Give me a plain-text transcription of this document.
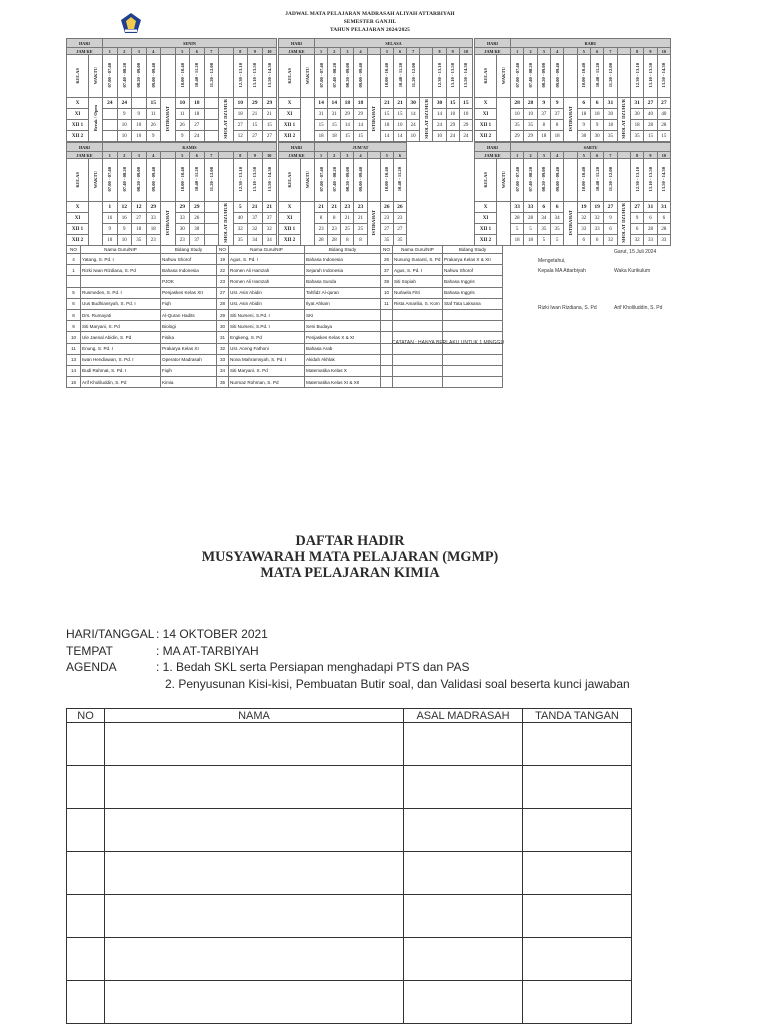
JADWAL MATA PELAJARAN MADRASAH ALIYAH ATTARBIYAH
SEMESTER GANJIL
TAHUN PELAJARAN 2024/2025
HARI		SENIN											
JAM KE		1	2	3	4		5	6	7		8	9	10
KELAS	WAKTU	07.00 - 07.40	07.40 - 08.20	08.20 - 09.00	09.00 - 09.40		10.00 - 10.40	10.40 - 11.20	11.20 - 12.00		12.30 - 13.10	13.10 - 13.50	13.50 - 14.30
X	Break / Open	24	24		15	ISTIRAHAT	10	18		SHOLAT DZUHUR	10	29	29
XI			9	9	11		11	18			18	21	21
XII 1			10	10	26		26	27			27	15	15
XII 2			10	10	9		9	24			12	27	27
HARI		SELASA											
JAM KE		1	2	3	4		5	6	7		8	9	10
KELAS	WAKTU	07.00 - 07.40	07.40 - 08.20	08.20 - 09.00	09.00 - 09.40		10.00 - 10.40	10.40 - 11.20	11.20 - 12.00		12.30 - 13.10	13.10 - 13.50	13.50 - 14.30
X		14	14	18	18	ISTIRAHAT	21	21	30	SHOLAT DZUHUR	30	15	15
XI		31	31	29	29		15	15	14		14	10	10
XII 1		15	15	14	14		18	10	24		24	29	29
XII 2		18	18	15	15		14	14	10		10	24	24
HARI		RABU											
JAM KE		1	2	3	4		5	6	7		8	9	10
KELAS	WAKTU	07.00 - 07.40	07.40 - 08.20	08.20 - 09.00	09.00 - 09.40		10.00 - 10.40	10.40 - 11.20	11.20 - 12.00		12.30 - 13.10	13.10 - 13.50	13.50 - 14.30
X		28	28	9	9	ISTIRAHAT	6	6	31	SHOLAT DZUHUR	31	27	27
XI		10	10	37	37		18	18	30		30	40	40
XII 1		35	35	8	8		9	9	18		18	28	28
XII 2		29	29	18	18		30	30	35		35	15	15
HARI		KAMIS											
JAM KE		1	2	3	4		5	6	7		8	9	10
KELAS	WAKTU	07.00 - 07.40	07.40 - 08.20	08.20 - 09.00	09.00 - 09.40		10.00 - 10.40	10.40 - 11.20	11.20 - 12.00		12.30 - 13.10	13.10 - 13.50	13.50 - 14.30
X		1	12	12	29	ISTIRAHAT	29	29		SHOLAT DZUHUR	5	21	21
XI		16	16	27	33		33	26			40	37	37
XII 1		9	9	18	18		30	30			32	32	32
XII 2		10	10	35	23		23	37			35	34	34
HARI		JUM'AT						
JAM KE		1	2	3	4		5	6
KELAS	WAKTU	07.00 - 07.40	07.40 - 08.20	08.20 - 09.00	09.00 - 09.40		10.00 - 10.40	10.40 - 11.20
X		21	21	23	23	ISTIRAHAT	26	26
XI		8	8	21	21		23	23
XII 1		23	23	25	25		27	27
XII 2		28	28	8	8		35	35
HARI		SABTU											
JAM KE		1	2	3	4		5	6	7		8	9	10
KELAS	WAKTU	07.00 - 07.40	07.40 - 08.20	08.20 - 09.00	09.00 - 09.40		10.00 - 10.40	10.40 - 11.20	11.20 - 12.00		12.30 - 13.10	13.10 - 13.50	13.50 - 14.30
X		33	33	6	6	ISTIRAHAT	19	19	27	SHOLAT DZUHUR	27	31	31
XI		28	28	34	34		32	32	9		9	6	6
XII 1		5	5	35	35		33	33	6		6	28	28
XII 2		18	18	5	5		6	6	32		32	33	33
NO	Nama Guru/NIP	Bidang Study	NO	Nama Guru/NIP	Bidang Study	NO	Nama Guru/NIP	Bidang Study
4	Yatang, S. Pd. I	Nahwu Shorof	19	Agus, S. Pd. I	Bahasa Indonesia	26	Nunung Susanti, S. Pd	Prakarya Kelas X & XII
1	Rizki Iwan Rizdiana, S. Pd	Bahasa Indonesia	22	Romen Ali Hamzah	Sejarah Indonesia	37	Agus, S. Pd. I	Nahwu Shorof
		PJOK	23	Romen Ali Hamzah	Bahasa Sunda	39	Siti Sopiah	Bahasa Inggris
5	Rusmeden, S. Pd. I	Penjaskes Kelas XII	27	Ust. Asin Abidin	Tahfidz Al-quran	10	Nurlaela Fitri	Bahasa Inggris
6	Uus Budhiansyah, S. Pd. I	Fiqh	28	Ust. Asin Abidin	Ilyat Ahkam	11	Rista Amarilia, S. Kom	Staf Tata Laksana
8	Drs. Rumayati	Al-Quran Hadits	29	Siti Nurseni, S.Pd. I	SKI			
9	Siti Maryani, S. Pd	Biologi	30	Siti Nurseni, S.Pd. I	Seni Budaya			
10	Ule Jaenal Abidin, S. Pd	Fisika	31	Engkeng, S. Pd	Penjaskes Kelas X & XI			
11	Enung, S. Pd. I	Prakarya Kelas XI	32	Ust. Aceng Fathoni	Bahasa Arab			
13	Iwan Hendiawan, S. Pd. I	Operator Madrasah	33	Nova Mahramsyah, S. Pd. I	Akidah Akhlak			
14	Budi Rahmat, S. Pd. I	Fiqih	34	Siti Maryani, S. Pd	Matematika Kelas X			
16	Arif Kholiluddin, S. Pd	Kimia	35	Nurmaz Rohman, S. Pd	Matematika Kelas XI & XII			
Garut, 15 Juli 2024
Mengetahui,
Kepala MA Attarbiyah	Waka Kurikulum
Rizki Iwan Rizdiana, S. Pd	Arif Kholiluddin, S. Pd
CATATAN : HANYA BERLAKU UNTUK 1 MINGGU
DAFTAR HADIR
MUSYAWARAH MATA PELAJARAN (MGMP)
MATA PELAJARAN KIMIA
HARI/TANGGAL : 14 OKTOBER 2021
TEMPAT	: MA AT-TARBIYAH
AGENDA	: 1. Bedah SKL serta Persiapan menghadapi PTS dan PAS
2. Penyusunan Kisi-kisi, Pembuatan Butir soal, dan Validasi soal beserta kunci jawaban
NO	NAMA	ASAL MADRASAH	TANDA TANGAN
